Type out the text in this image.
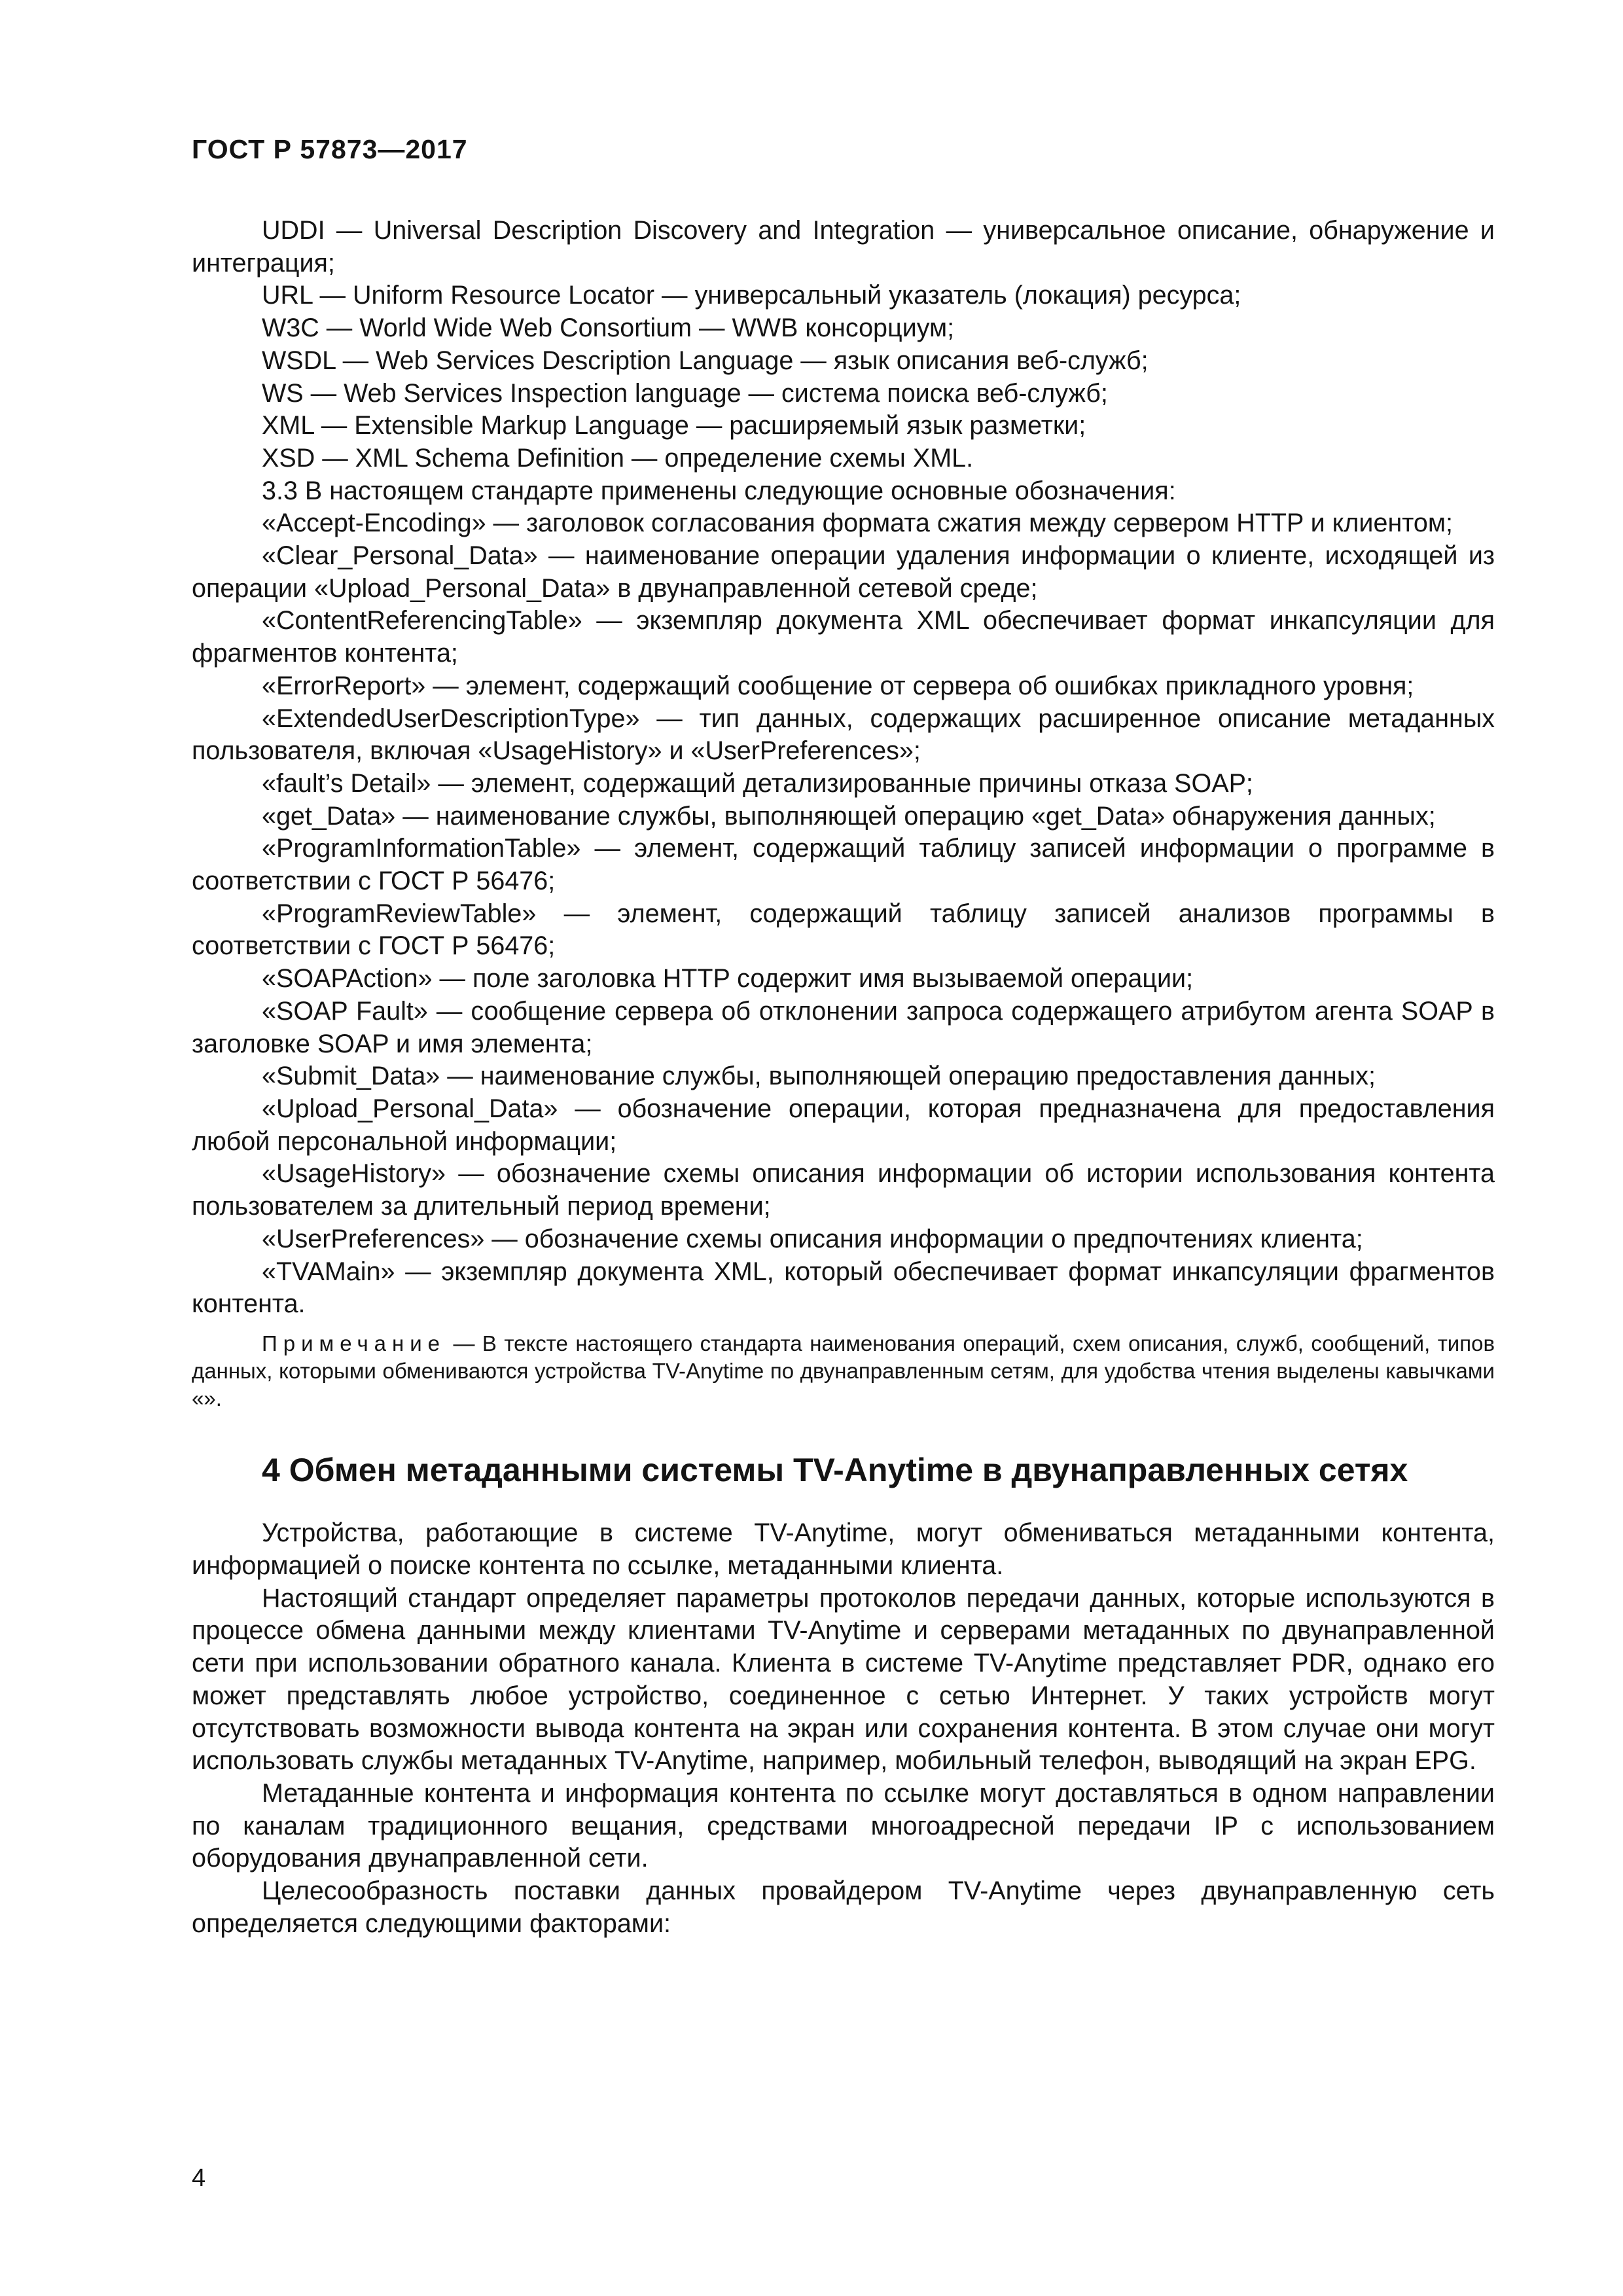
ГОСТ Р 57873—2017

UDDI — Universal Description Discovery and Integration — универсальное описание, обнаружение и интеграция;

URL — Uniform Resource Locator — универсальный указатель (локация) ресурса;

W3C — World Wide Web Consortium — WWB консорциум;

WSDL — Web Services Description Language — язык описания веб-служб;

WS — Web Services Inspection language — система поиска веб-служб;

XML — Extensible Markup Language — расширяемый язык разметки;

XSD — XML Schema Definition — определение схемы XML.

3.3 В настоящем стандарте применены следующие основные обозначения:

«Accept-Encoding» — заголовок согласования формата сжатия между сервером HTTP и клиентом;

«Clear_Personal_Data» — наименование операции удаления информации о клиенте, исходящей из операции «Upload_Personal_Data» в двунаправленной сетевой среде;

«ContentReferencingTable» — экземпляр документа XML обеспечивает формат инкапсуляции для фрагментов контента;

«ErrorReport» — элемент, содержащий сообщение от сервера об ошибках прикладного уровня;

«ExtendedUserDescriptionType» — тип данных, содержащих расширенное описание метаданных пользователя, включая «UsageHistory» и «UserPreferences»;

«fault’s Detail» — элемент, содержащий детализированные причины отказа SOAP;

«get_Data» — наименование службы, выполняющей операцию «get_Data» обнаружения данных;

«ProgramInformationTable» — элемент, содержащий таблицу записей информации о программе в соответствии с ГОСТ Р 56476;

«ProgramReviewTable» — элемент, содержащий таблицу записей анализов программы в соответствии с ГОСТ Р 56476;

«SOAPAction» — поле заголовка HTTP содержит имя вызываемой операции;

«SOAP Fault» — сообщение сервера об отклонении запроса содержащего атрибутом агента SOAP в заголовке SOAP и имя элемента;

«Submit_Data» — наименование службы, выполняющей операцию предоставления данных;

«Upload_Personal_Data» — обозначение операции, которая предназначена для предоставления любой персональной информации;

«UsageHistory» — обозначение схемы описания информации об истории использования контента пользователем за длительный период времени;

«UserPreferences» — обозначение схемы описания информации о предпочтениях клиента;

«TVAMain» — экземпляр документа XML, который обеспечивает формат инкапсуляции фрагментов контента.

Примечание — В тексте настоящего стандарта наименования операций, схем описания, служб, сообщений, типов данных, которыми обмениваются устройства TV-Anytime по двунаправленным сетям, для удобства чтения выделены кавычками «».

4 Обмен метаданными системы TV-Anytime в двунаправленных сетях

Устройства, работающие в системе TV-Anytime, могут обмениваться метаданными контента, информацией о поиске контента по ссылке, метаданными клиента.

Настоящий стандарт определяет параметры протоколов передачи данных, которые используются в процессе обмена данными между клиентами TV-Anytime и серверами метаданных по двунаправленной сети при использовании обратного канала. Клиента в системе TV-Anytime представляет PDR, однако его может представлять любое устройство, соединенное с сетью Интернет. У таких устройств могут отсутствовать возможности вывода контента на экран или сохранения контента. В этом случае они могут использовать службы метаданных TV-Anytime, например, мобильный телефон, выводящий на экран EPG.

Метаданные контента и информация контента по ссылке могут доставляться в одном направлении по каналам традиционного вещания, средствами многоадресной передачи IP с использованием оборудования двунаправленной сети.

Целесообразность поставки данных провайдером TV-Anytime через двунаправленную сеть определяется следующими факторами:

4
